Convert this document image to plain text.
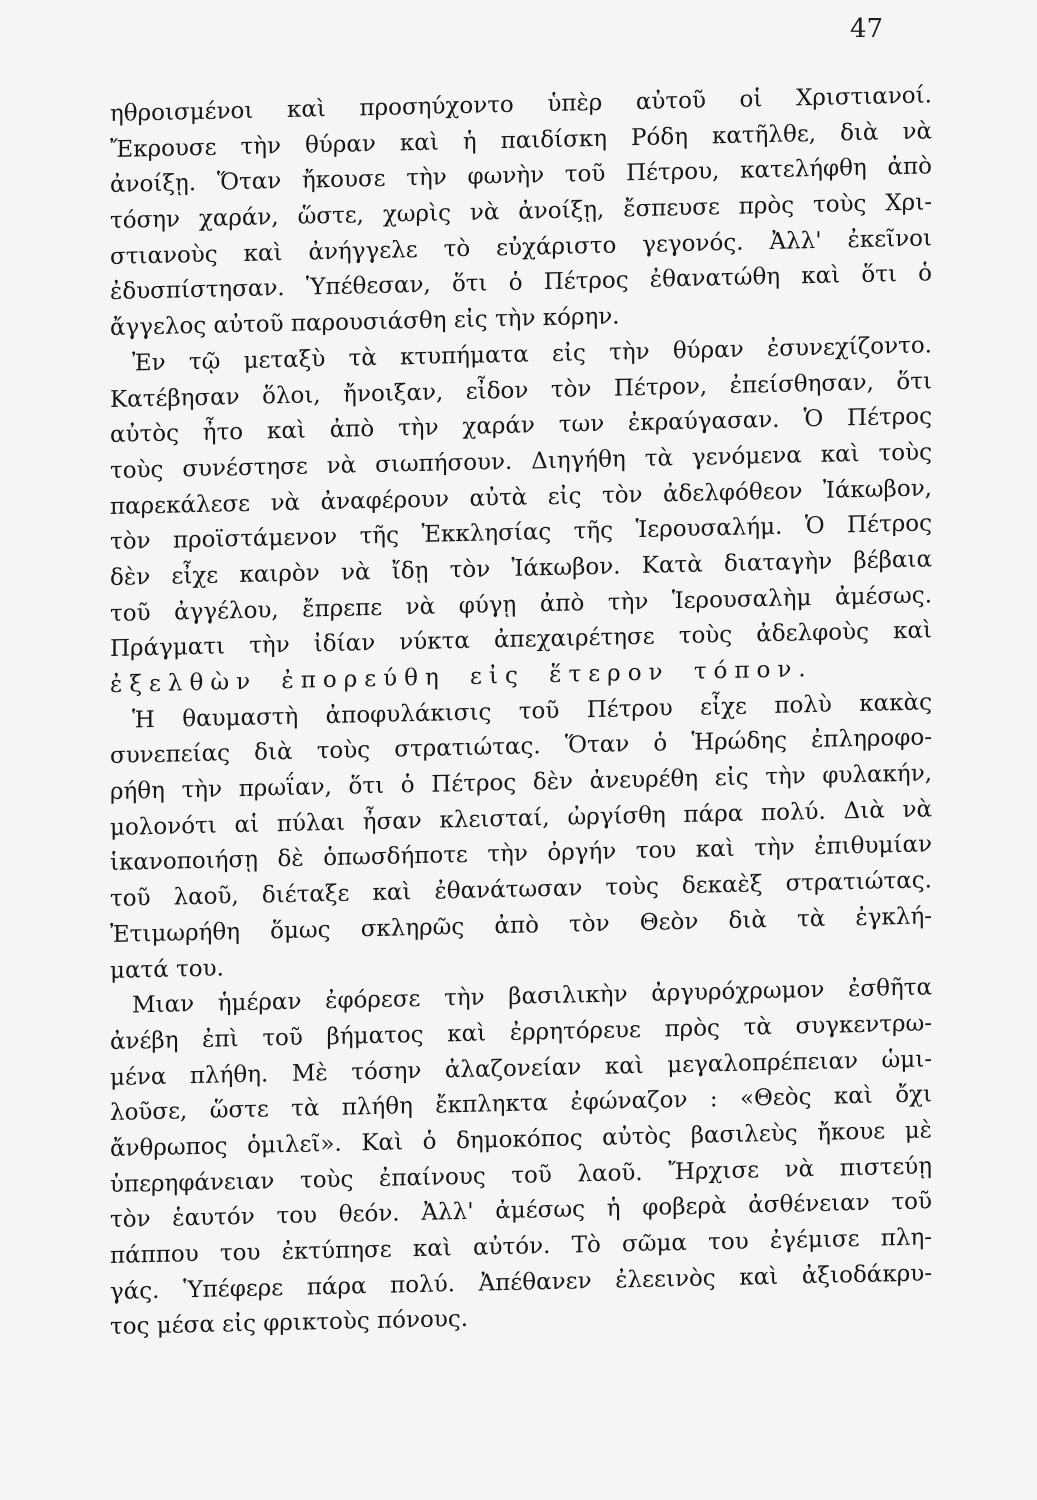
47
ηθροισμένοι καὶ προσηύχοντο ὑπὲρ αὐτοῦ οἱ Χριστιανοί.
Ἔκρουσε τὴν θύραν καὶ ἡ παιδίσκη Ρόδη κατῆλθε, διὰ νὰ
ἀνοίξῃ. Ὅταν ἤκουσε τὴν φωνὴν τοῦ Πέτρου, κατελήφθη ἀπὸ
τόσην χαράν, ὥστε, χωρὶς νὰ ἀνοίξῃ, ἔσπευσε πρὸς τοὺς Χρι-
στιανοὺς καὶ ἀνήγγελε τὸ εὐχάριστο γεγονός. Ἀλλ' ἐκεῖνοι
ἐδυσπίστησαν. Ὑπέθεσαν, ὅτι ὁ Πέτρος ἐθανατώθη καὶ ὅτι ὁ
ἄγγελος αὐτοῦ παρουσιάσθη εἰς τὴν κόρην.
Ἐν τῷ μεταξὺ τὰ κτυπήματα εἰς τὴν θύραν ἐσυνεχίζοντο.
Κατέβησαν ὅλοι, ἤνοιξαν, εἶδον τὸν Πέτρον, ἐπείσθησαν, ὅτι
αὐτὸς ἦτο καὶ ἀπὸ τὴν χαράν των ἐκραύγασαν. Ὁ Πέτρος
τοὺς συνέστησε νὰ σιωπήσουν. Διηγήθη τὰ γενόμενα καὶ τοὺς
παρεκάλεσε νὰ ἀναφέρουν αὐτὰ εἰς τὸν ἀδελφόθεον Ἰάκωβον,
τὸν προϊστάμενον τῆς Ἐκκλησίας τῆς Ἱερουσαλήμ. Ὁ Πέτρος
δὲν εἶχε καιρὸν νὰ ἴδῃ τὸν Ἰάκωβον. Κατὰ διαταγὴν βέβαια
τοῦ ἀγγέλου, ἔπρεπε νὰ φύγῃ ἀπὸ τὴν Ἱερουσαλὴμ ἀμέσως.
Πράγματι τὴν ἰδίαν νύκτα ἀπεχαιρέτησε τοὺς ἀδελφοὺς καὶ
ἐξελθὼν ἐπορεύθη εἰς ἕτερον τόπον.
Ἡ θαυμαστὴ ἀποφυλάκισις τοῦ Πέτρου εἶχε πολὺ κακὰς
συνεπείας διὰ τοὺς στρατιώτας. Ὅταν ὁ Ἡρώδης ἐπληροφο-
ρήθη τὴν πρωΐαν, ὅτι ὁ Πέτρος δὲν ἀνευρέθη εἰς τὴν φυλακήν,
μολονότι αἱ πύλαι ἦσαν κλεισταί, ὠργίσθη πάρα πολύ. Διὰ νὰ
ἱκανοποιήσῃ δὲ ὁπωσδήποτε τὴν ὀργήν του καὶ τὴν ἐπιθυμίαν
τοῦ λαοῦ, διέταξε καὶ ἐθανάτωσαν τοὺς δεκαὲξ στρατιώτας.
Ἐτιμωρήθη ὅμως σκληρῶς ἀπὸ τὸν Θεὸν διὰ τὰ ἐγκλή-
ματά του.
Μιαν ἡμέραν ἐφόρεσε τὴν βασιλικὴν ἀργυρόχρωμον ἐσθῆτα
ἀνέβη ἐπὶ τοῦ βήματος καὶ ἐρρητόρευε πρὸς τὰ συγκεντρω-
μένα πλήθη. Μὲ τόσην ἀλαζονείαν καὶ μεγαλοπρέπειαν ὡμι-
λοῦσε, ὥστε τὰ πλήθη ἔκπληκτα ἐφώναζον : «Θεὸς καὶ ὄχι
ἄνθρωπος ὁμιλεῖ». Καὶ ὁ δημοκόπος αὐτὸς βασιλεὺς ἤκουε μὲ
ὑπερηφάνειαν τοὺς ἐπαίνους τοῦ λαοῦ. Ἤρχισε νὰ πιστεύῃ
τὸν ἑαυτόν του θεόν. Ἀλλ' ἀμέσως ἡ φοβερὰ ἀσθένειαν τοῦ
πάππου του ἐκτύπησε καὶ αὐτόν. Τὸ σῶμα του ἐγέμισε πλη-
γάς. Ὑπέφερε πάρα πολύ. Ἀπέθανεν ἐλεεινὸς καὶ ἀξιοδάκρυ-
τος μέσα εἰς φρικτοὺς πόνους.
